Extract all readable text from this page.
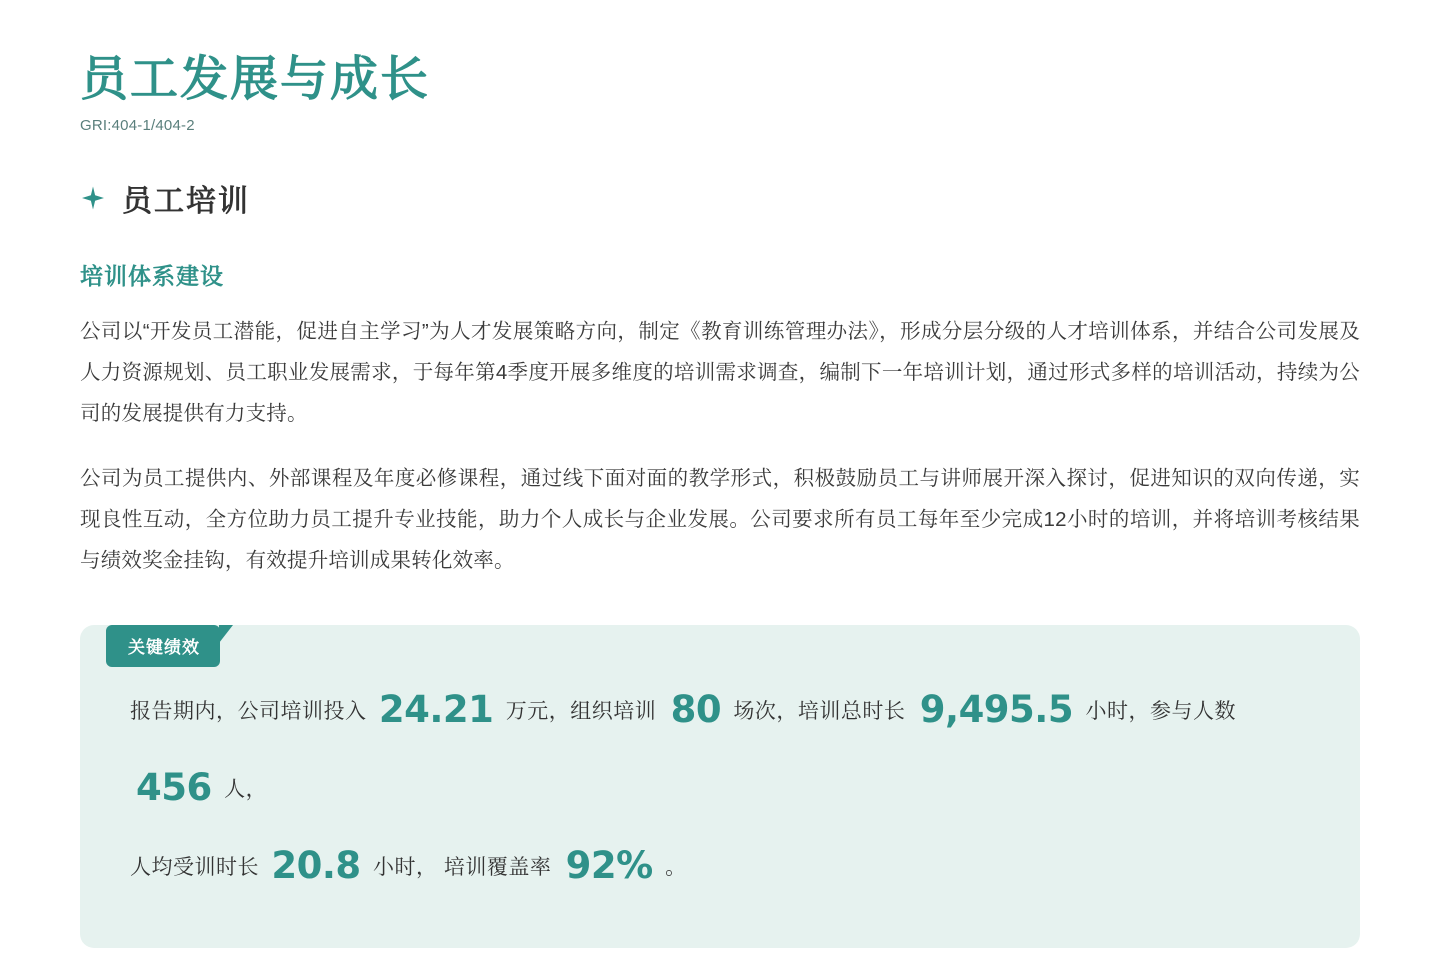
员工发展与成长
GRI:404-1/404-2
员工培训
培训体系建设

公司以“开发员工潜能，促进自主学习”为人才发展策略方向，制定《教育训练管理办法》，形成分层分级的人才培训体系，并结合公司发展及人力资源规划、员工职业发展需求，于每年第4季度开展多维度的培训需求调查，编制下一年培训计划，通过形式多样的培训活动，持续为公司的发展提供有力支持。

公司为员工提供内、外部课程及年度必修课程，通过线下面对面的教学形式，积极鼓励员工与讲师展开深入探讨，促进知识的双向传递，实现良性互动，全方位助力员工提升专业技能，助力个人成长与企业发展。公司要求所有员工每年至少完成12小时的培训，并将培训考核结果与绩效奖金挂钩，有效提升培训成果转化效率。

关键绩效
报告期内，公司培训投入 24.21 万元，组织培训 80 场次，培训总时长 9,495.5 小时，参与人数 456 人，
人均受训时长 20.8 小时， 培训覆盖率 92% 。
